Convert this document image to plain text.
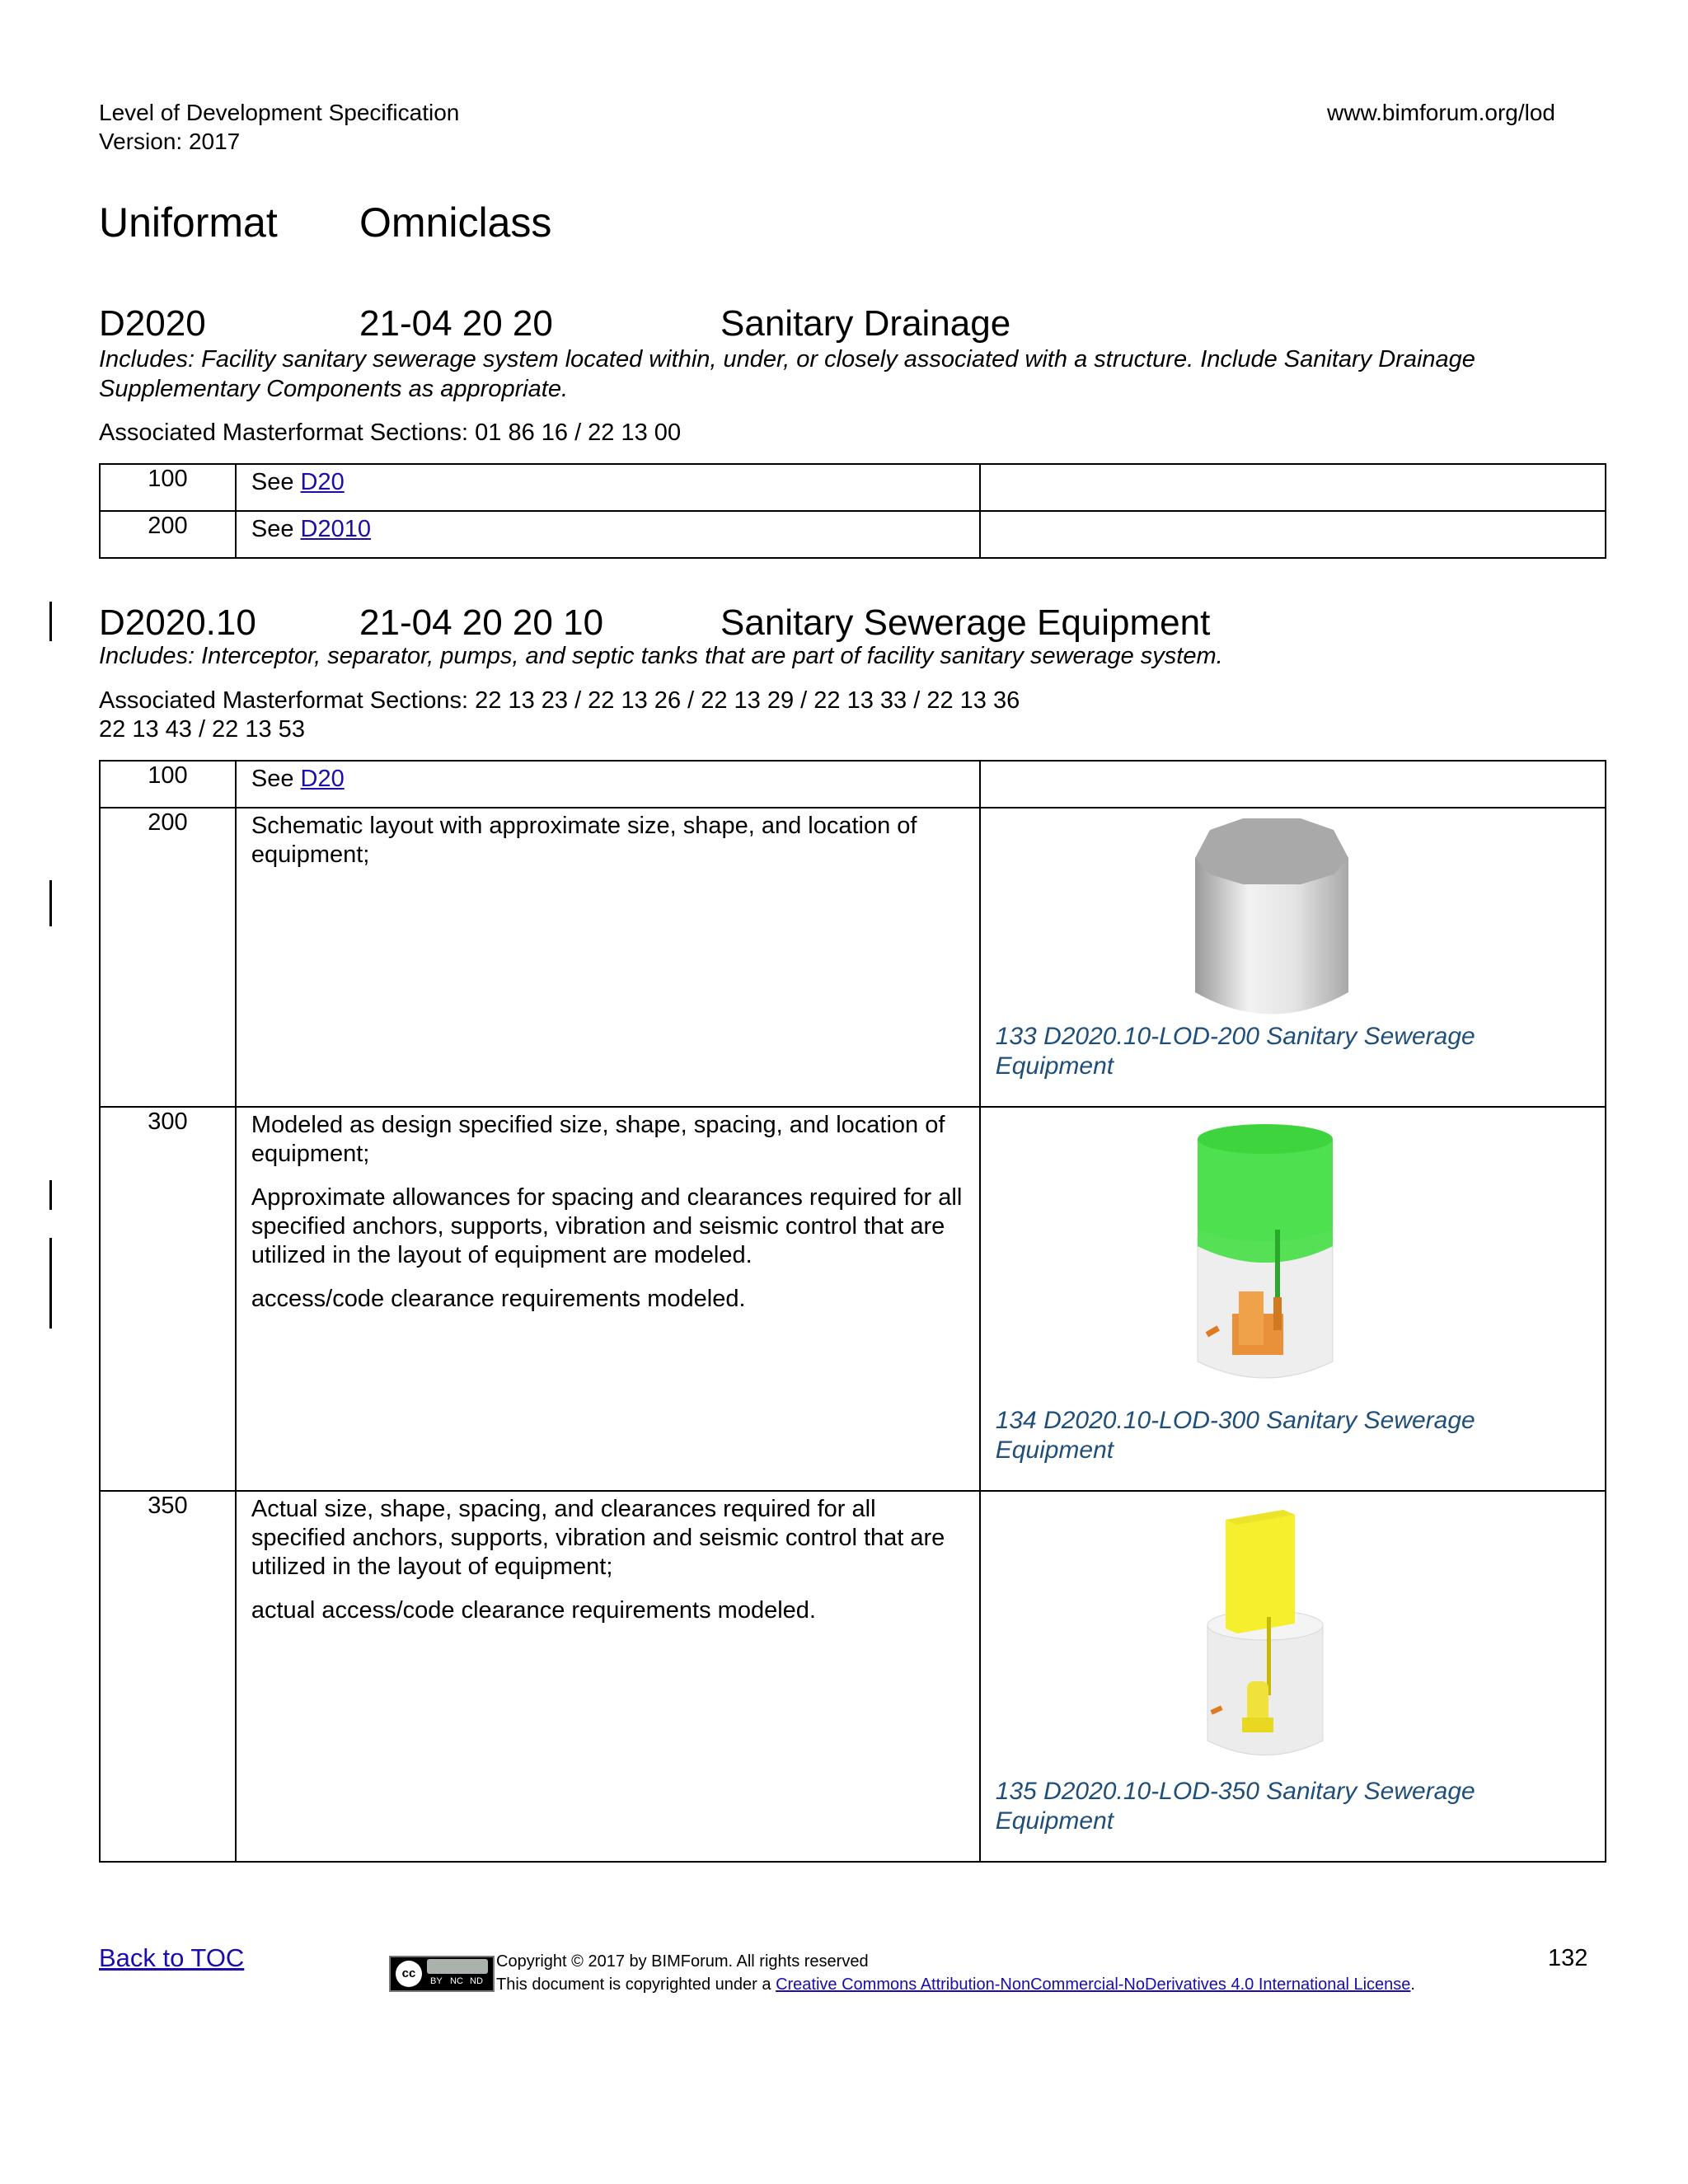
Level of Development Specification
Version: 2017
www.bimforum.org/lod
Uniformat Omniclass
D2020	21-04 20 20	Sanitary Drainage
Includes: Facility sanitary sewerage system located within, under, or closely associated with a structure. Include Sanitary Drainage Supplementary Components as appropriate.
Associated Masterformat Sections: 01 86 16 / 22 13 00
100	See D20	
200	See D2010	
D2020.10	21-04 20 20 10	Sanitary Sewerage Equipment
Includes: Interceptor, separator, pumps, and septic tanks that are part of facility sanitary sewerage system.
Associated Masterformat Sections: 22 13 23 / 22 13 26 / 22 13 29 / 22 13 33 / 22 13 36
22 13 43 / 22 13 53
100	See D20	
200	Schematic layout with approximate size, shape, and location of equipment;	133 D2020.10-LOD-200 Sanitary Sewerage Equipment

300	Modeled as design specified size, shape, spacing, and location of equipment;

Approximate allowances for spacing and clearances required for all specified anchors, supports, vibration and seismic control that are utilized in the layout of equipment are modeled.

access/code clearance requirements modeled.	134 D2020.10-LOD-300 Sanitary Sewerage Equipment

350	Actual size, shape, spacing, and clearances required for all specified anchors, supports, vibration and seismic control that are utilized in the layout of equipment;

actual access/code clearance requirements modeled.	135 D2020.10-LOD-350 Sanitary Sewerage Equipment
Back to TOC
cc
BY NC ND
Copyright © 2017 by BIMForum. All rights reserved
This document is copyrighted under a Creative Commons Attribution-NonCommercial-NoDerivatives 4.0 International License.
132
